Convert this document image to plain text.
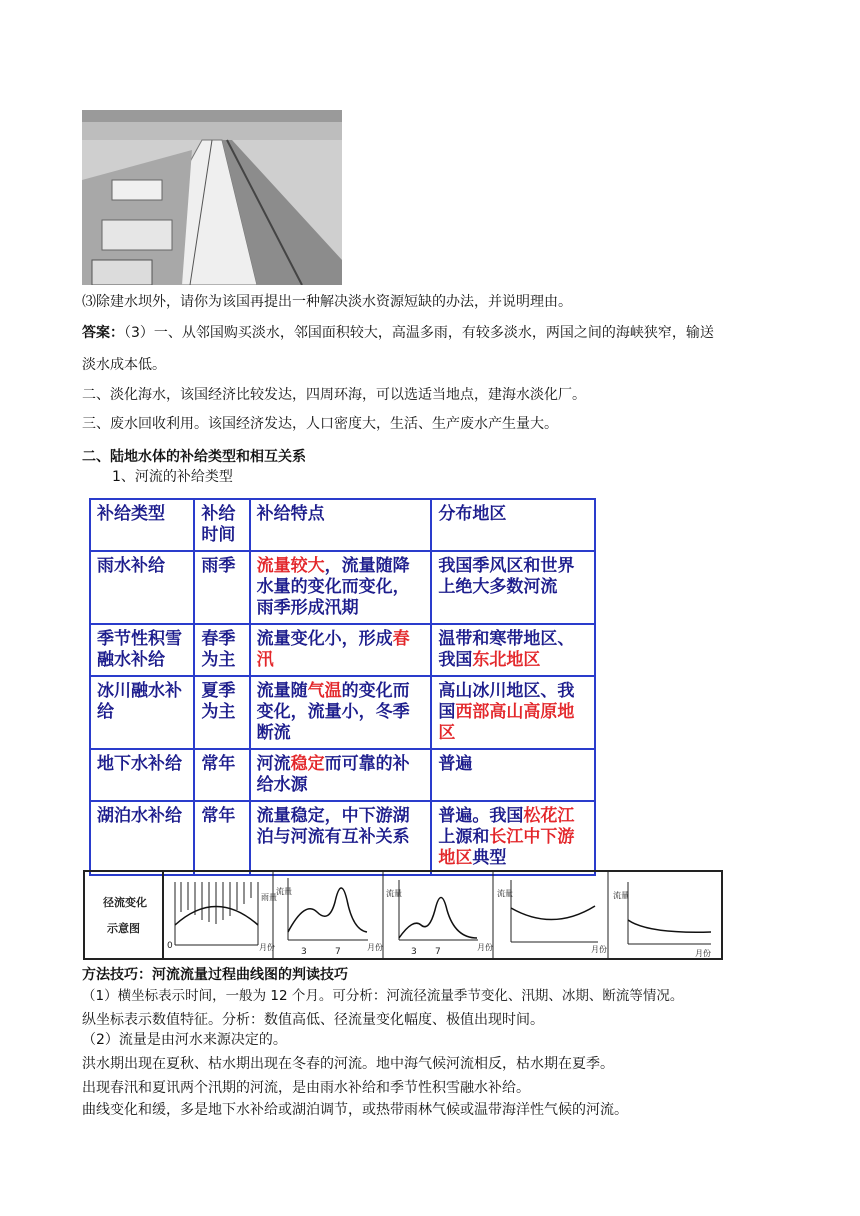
⑶除建水坝外，请你为该国再提出一种解决淡水资源短缺的办法，并说明理由。
答案：（3）一、从邻国购买淡水，邻国面积较大，高温多雨，有较多淡水，两国之间的海峡狭窄，输送
淡水成本低。
二、淡化海水，该国经济比较发达，四周环海，可以选适当地点，建海水淡化厂。
三、废水回收利用。该国经济发达，人口密度大，生活、生产废水产生量大。
二、陆地水体的补给类型和相互关系
1、河流的补给类型
补给类型	补给时间	补给特点	分布地区
雨水补给	雨季	流量较大，流量随降水量的变化而变化，雨季形成汛期	我国季风区和世界上绝大多数河流
季节性积雪融水补给	春季为主	流量变化小，形成春汛	温带和寒带地区、我国东北地区
冰川融水补给	夏季为主	流量随气温的变化而变化，流量小，冬季断流	高山冰川地区、我国西部高山高原地区
地下水补给	常年	河流稳定而可靠的补给水源	普遍
湖泊水补给	常年	流量稳定，中下游湖泊与河流有互补关系	普遍。我国松花江上源和长江中下游地区典型
径流变化
示意图
0
雨量
月份
流量
3	7	月份
流量
3 7	月份
流量
月份
流量
月份
方法技巧：河流流量过程曲线图的判读技巧
（1）横坐标表示时间，一般为 12 个月。可分析：河流径流量季节变化、汛期、冰期、断流等情况。
纵坐标表示数值特征。分析：数值高低、径流量变化幅度、极值出现时间。
（2）流量是由河水来源决定的。
洪水期出现在夏秋、枯水期出现在冬春的河流。地中海气候河流相反，枯水期在夏季。
出现春汛和夏讯两个汛期的河流，是由雨水补给和季节性积雪融水补给。
曲线变化和缓，多是地下水补给或湖泊调节，或热带雨林气候或温带海洋性气候的河流。
